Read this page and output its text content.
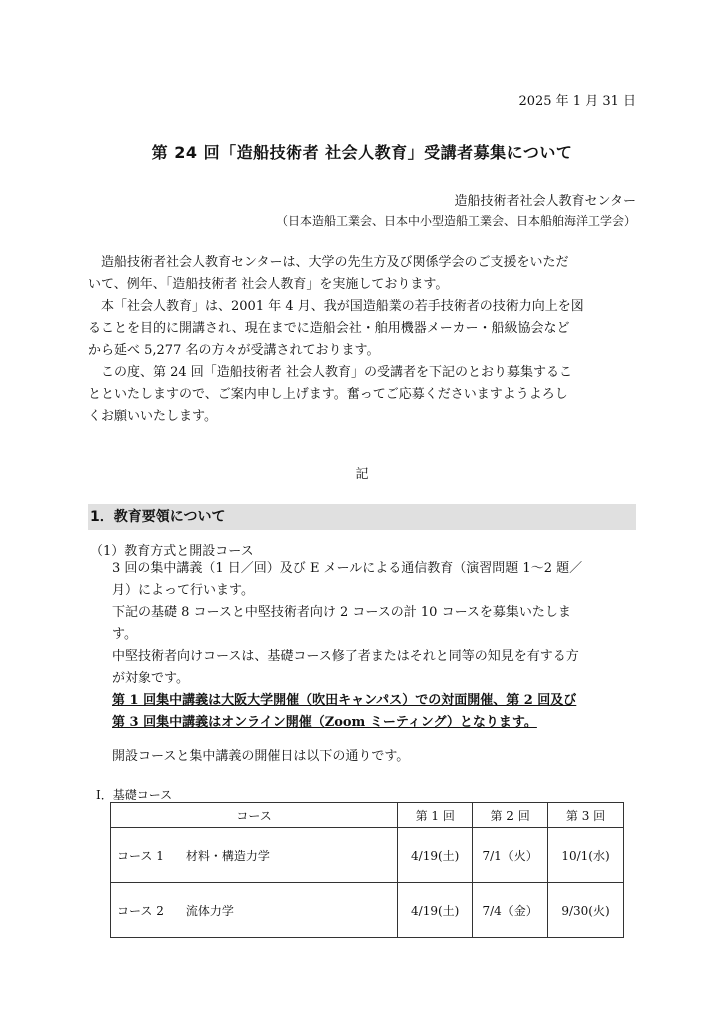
2025 年 1 月 31 日
第 24 回「造船技術者 社会人教育」受講者募集について
造船技術者社会人教育センター
（日本造船工業会、日本中小型造船工業会、日本船舶海洋工学会）
造船技術者社会人教育センターは、大学の先生方及び関係学会のご支援をいただ
いて、例年、「造船技術者 社会人教育」を実施しております。
本「社会人教育」は、2001 年 4 月、我が国造船業の若手技術者の技術力向上を図
ることを目的に開講され、現在までに造船会社・舶用機器メーカー・船級協会など
から延べ 5,277 名の方々が受講されております。
この度、第 24 回「造船技術者 社会人教育」の受講者を下記のとおり募集するこ
とといたしますので、ご案内申し上げます。奮ってご応募くださいますようよろし
くお願いいたします。
記
1．教育要領について
（1）教育方式と開設コース
3 回の集中講義（1 日／回）及び E メールによる通信教育（演習問題 1～2 題／
月）によって行います。
下記の基礎 8 コースと中堅技術者向け 2 コースの計 10 コースを募集いたしま
す。
中堅技術者向けコースは、基礎コース修了者またはそれと同等の知見を有する方
が対象です。
第 1 回集中講義は大阪大学開催（吹田キャンパス）での対面開催、第 2 回及び
第 3 回集中講義はオンライン開催（Zoom ミーティング）となります。
開設コースと集中講義の開催日は以下の通りです。
Ⅰ．基礎コース
コース	第 1 回	第 2 回	第 3 回
コース 1 材料・構造力学	4/19(土)	7/1（火）	10/1(水)
コース 2 流体力学	4/19(土)	7/4（金）	9/30(火)
